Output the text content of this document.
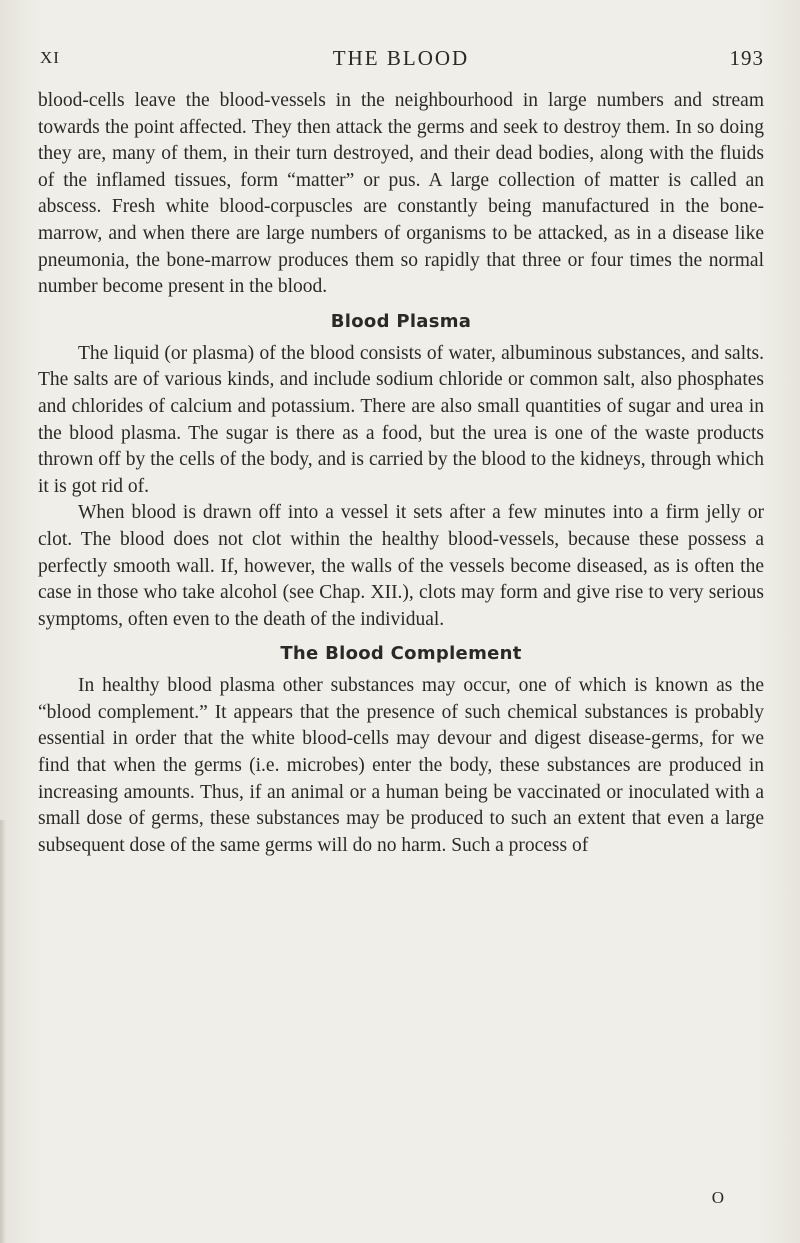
XI	THE BLOOD	193

blood-cells leave the blood-vessels in the neighbourhood in large numbers and stream towards the point affected. They then attack the germs and seek to destroy them. In so doing they are, many of them, in their turn destroyed, and their dead bodies, along with the fluids of the inflamed tissues, form “matter” or pus. A large collection of matter is called an abscess. Fresh white blood-corpuscles are constantly being manufactured in the bone-marrow, and when there are large numbers of organisms to be attacked, as in a disease like pneumonia, the bone-marrow produces them so rapidly that three or four times the normal number become present in the blood.

Blood Plasma

The liquid (or plasma) of the blood consists of water, albuminous substances, and salts. The salts are of various kinds, and include sodium chloride or common salt, also phosphates and chlorides of calcium and potassium. There are also small quantities of sugar and urea in the blood plasma. The sugar is there as a food, but the urea is one of the waste products thrown off by the cells of the body, and is carried by the blood to the kidneys, through which it is got rid of.

When blood is drawn off into a vessel it sets after a few minutes into a firm jelly or clot. The blood does not clot within the healthy blood-vessels, because these possess a perfectly smooth wall. If, however, the walls of the vessels become diseased, as is often the case in those who take alcohol (see Chap. XII.), clots may form and give rise to very serious symptoms, often even to the death of the individual.

The Blood Complement

In healthy blood plasma other substances may occur, one of which is known as the “blood complement.” It appears that the presence of such chemical substances is probably essential in order that the white blood-cells may devour and digest disease-germs, for we find that when the germs (i.e. microbes) enter the body, these substances are produced in increasing amounts. Thus, if an animal or a human being be vaccinated or inoculated with a small dose of germs, these substances may be produced to such an extent that even a large subsequent dose of the same germs will do no harm. Such a process of

O
